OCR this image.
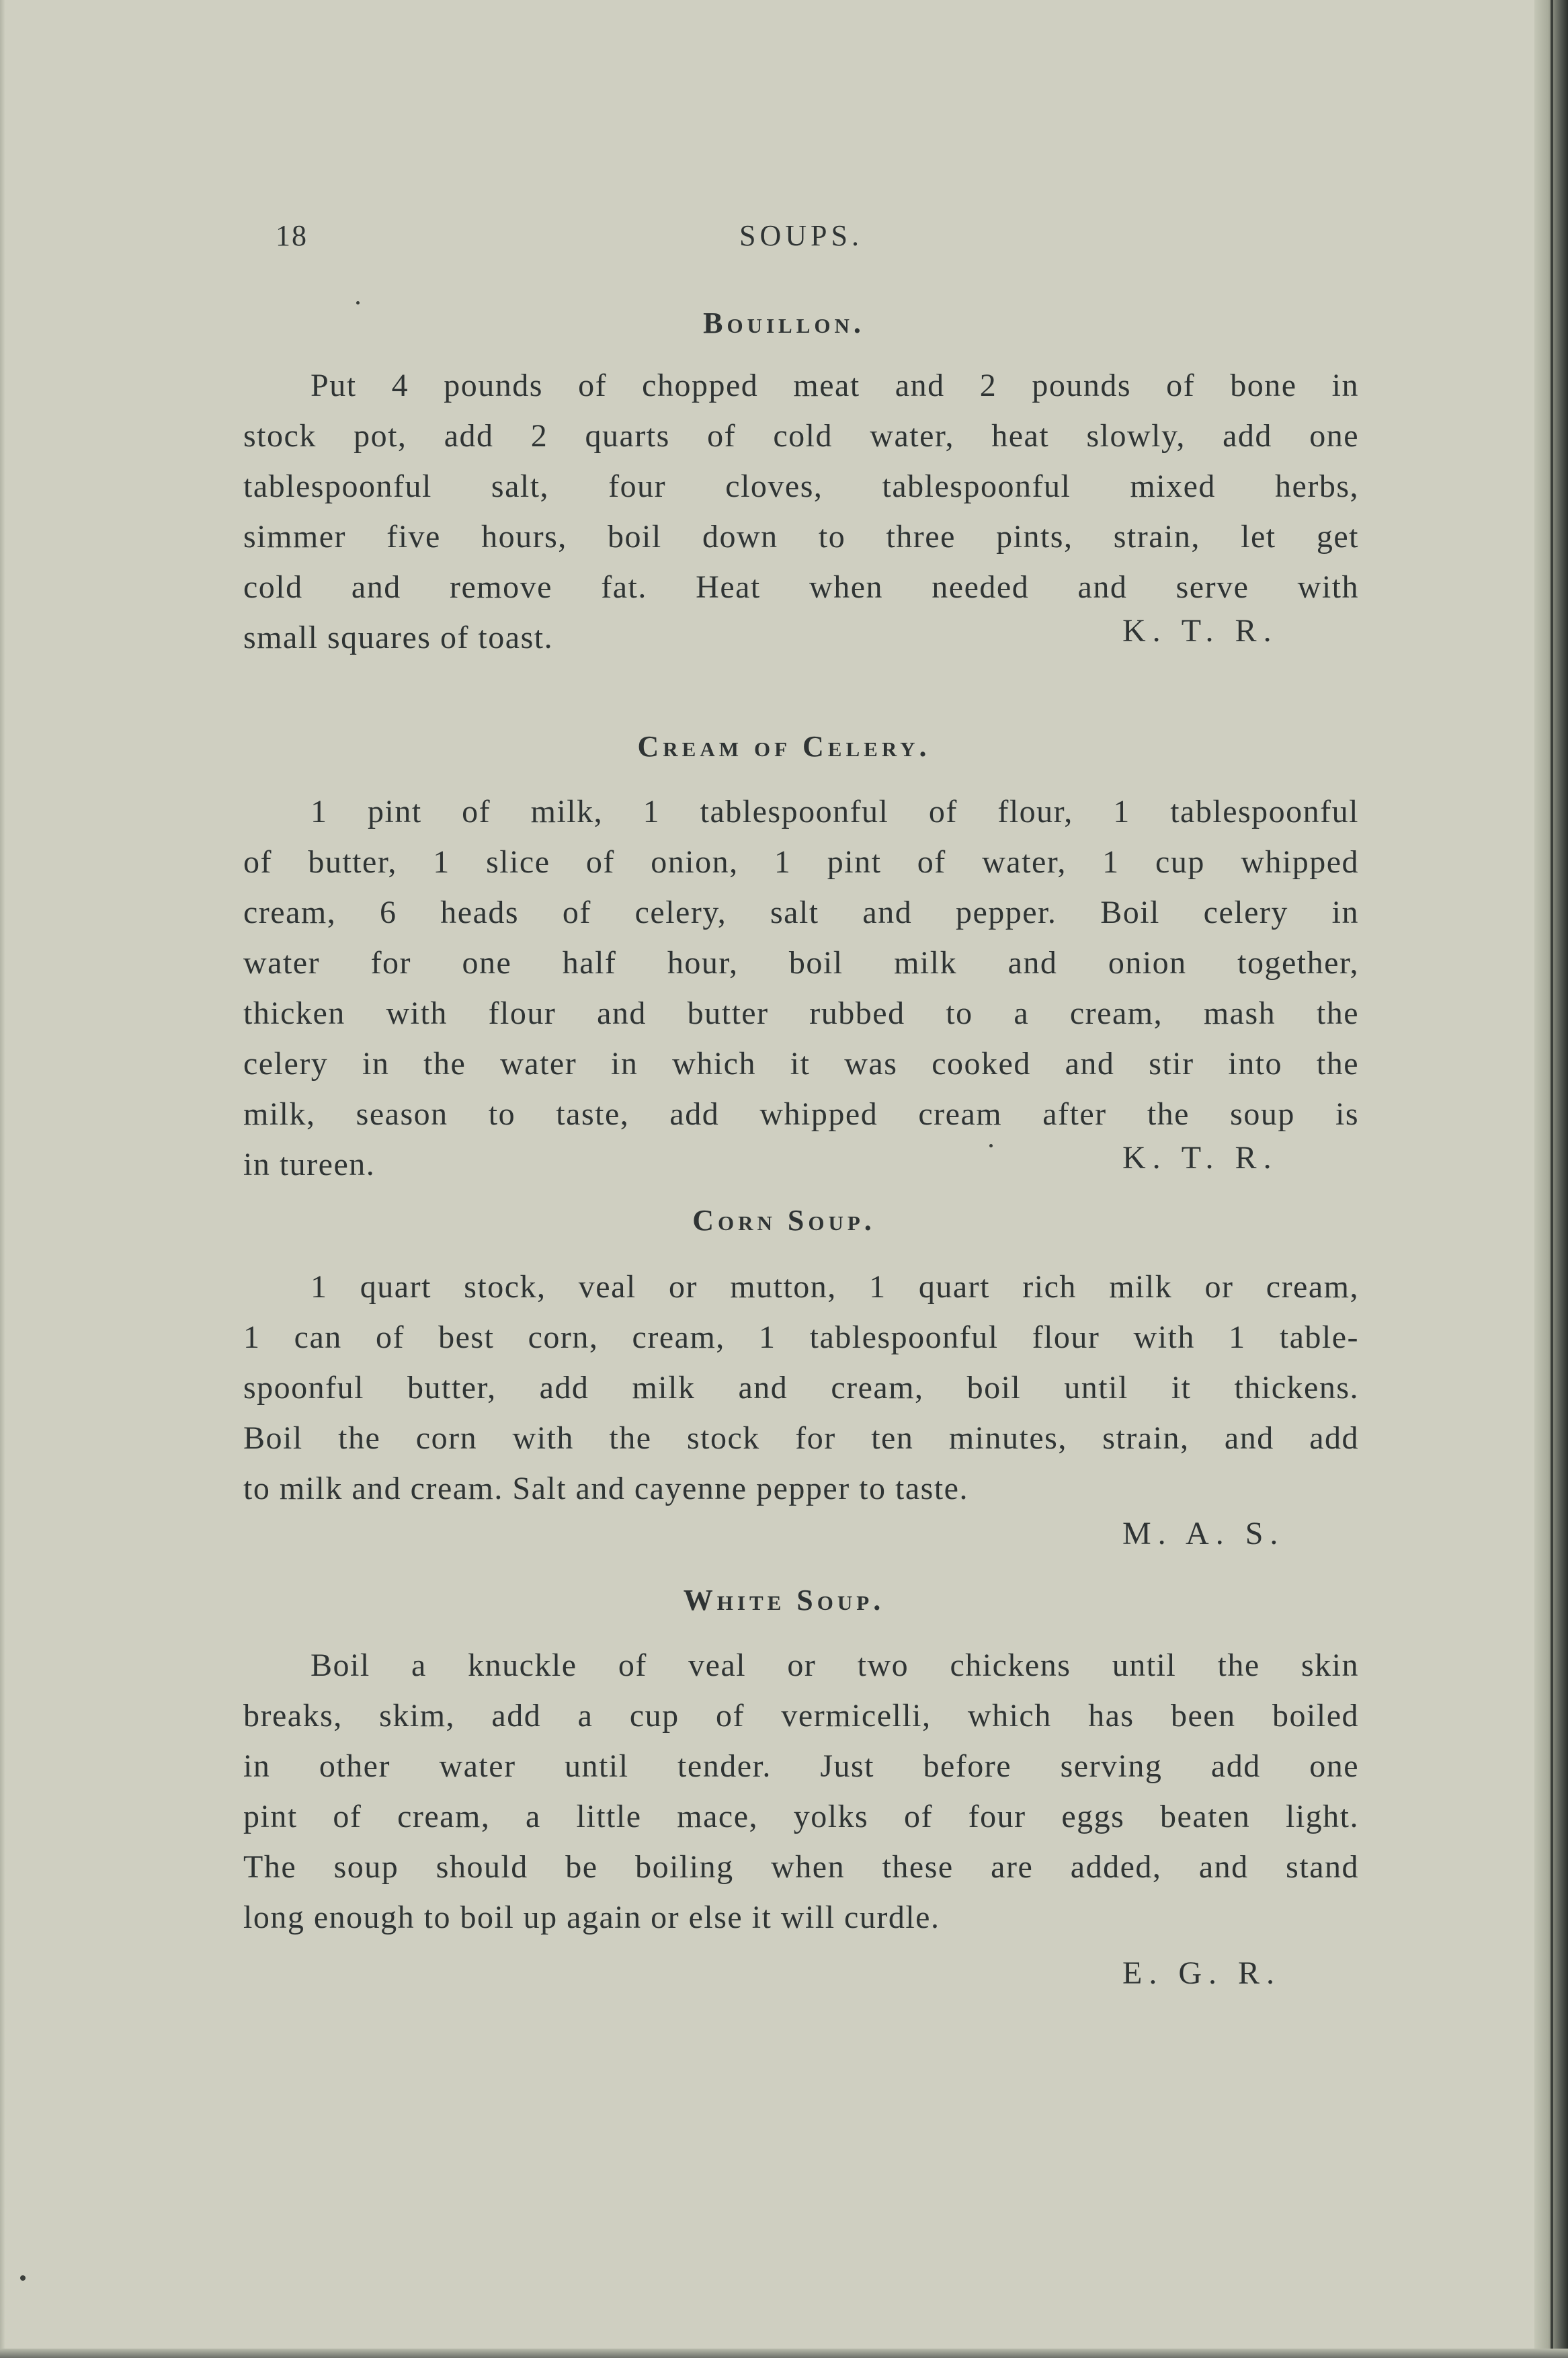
18	SOUPS.
Bouillon.
Put 4 pounds of chopped meat and 2 pounds of bone in
stock pot, add 2 quarts of cold water, heat slowly, add one
tablespoonful salt, four cloves, tablespoonful mixed herbs,
simmer five hours, boil down to three pints, strain, let get
cold and remove fat. Heat when needed and serve with
small squares of toast.	K. T. R.
Cream of Celery.
1 pint of milk, 1 tablespoonful of flour, 1 tablespoonful
of butter, 1 slice of onion, 1 pint of water, 1 cup whipped
cream, 6 heads of celery, salt and pepper. Boil celery in
water for one half hour, boil milk and onion together,
thicken with flour and butter rubbed to a cream, mash the
celery in the water in which it was cooked and stir into the
milk, season to taste, add whipped cream after the soup is
in tureen.	K. T. R.
Corn Soup.
1 quart stock, veal or mutton, 1 quart rich milk or cream,
1 can of best corn, cream, 1 tablespoonful flour with 1 table-
spoonful butter, add milk and cream, boil until it thickens.
Boil the corn with the stock for ten minutes, strain, and add
to milk and cream. Salt and cayenne pepper to taste.
M. A. S.
White Soup.
Boil a knuckle of veal or two chickens until the skin
breaks, skim, add a cup of vermicelli, which has been boiled
in other water until tender. Just before serving add one
pint of cream, a little mace, yolks of four eggs beaten light.
The soup should be boiling when these are added, and stand
long enough to boil up again or else it will curdle.
E. G. R.
